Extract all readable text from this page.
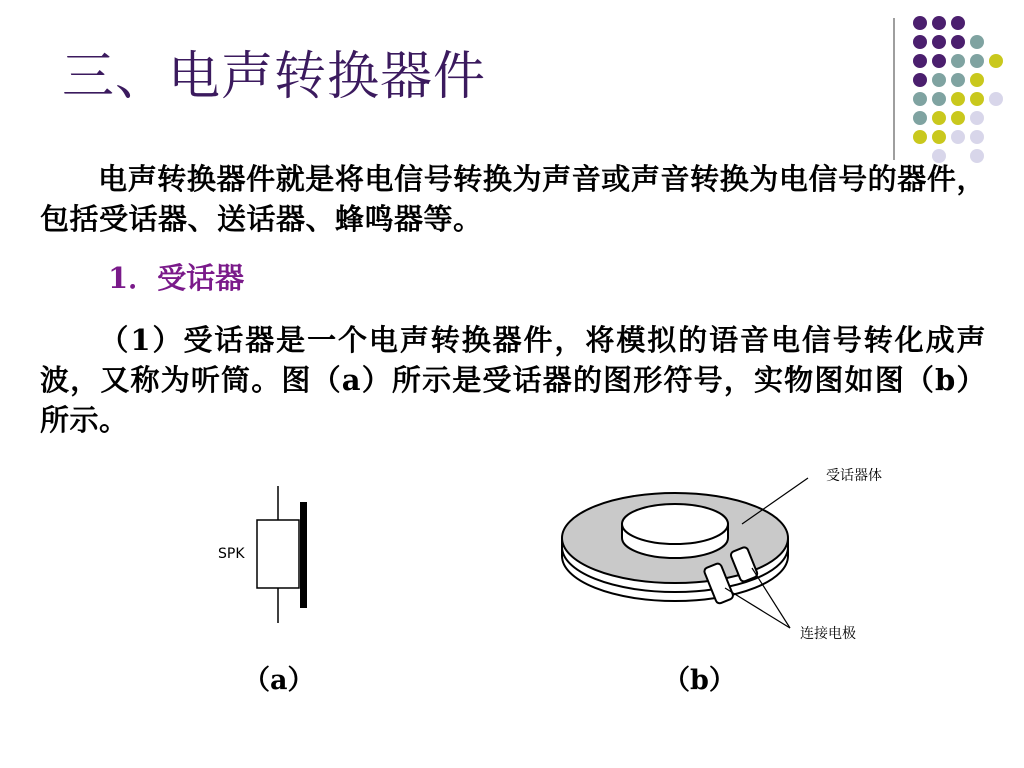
三、电声转换器件
电声转换器件就是将电信号转换为声音或声音转换为电信号的器件，包括受话器、送话器、蜂鸣器等。
1．受话器
（1）受话器是一个电声转换器件，将模拟的语音电信号转化成声波，又称为听筒。图（a）所示是受话器的图形符号，实物图如图（b）所示。
SPK
受话器体
连接电极
（a）	（b）
